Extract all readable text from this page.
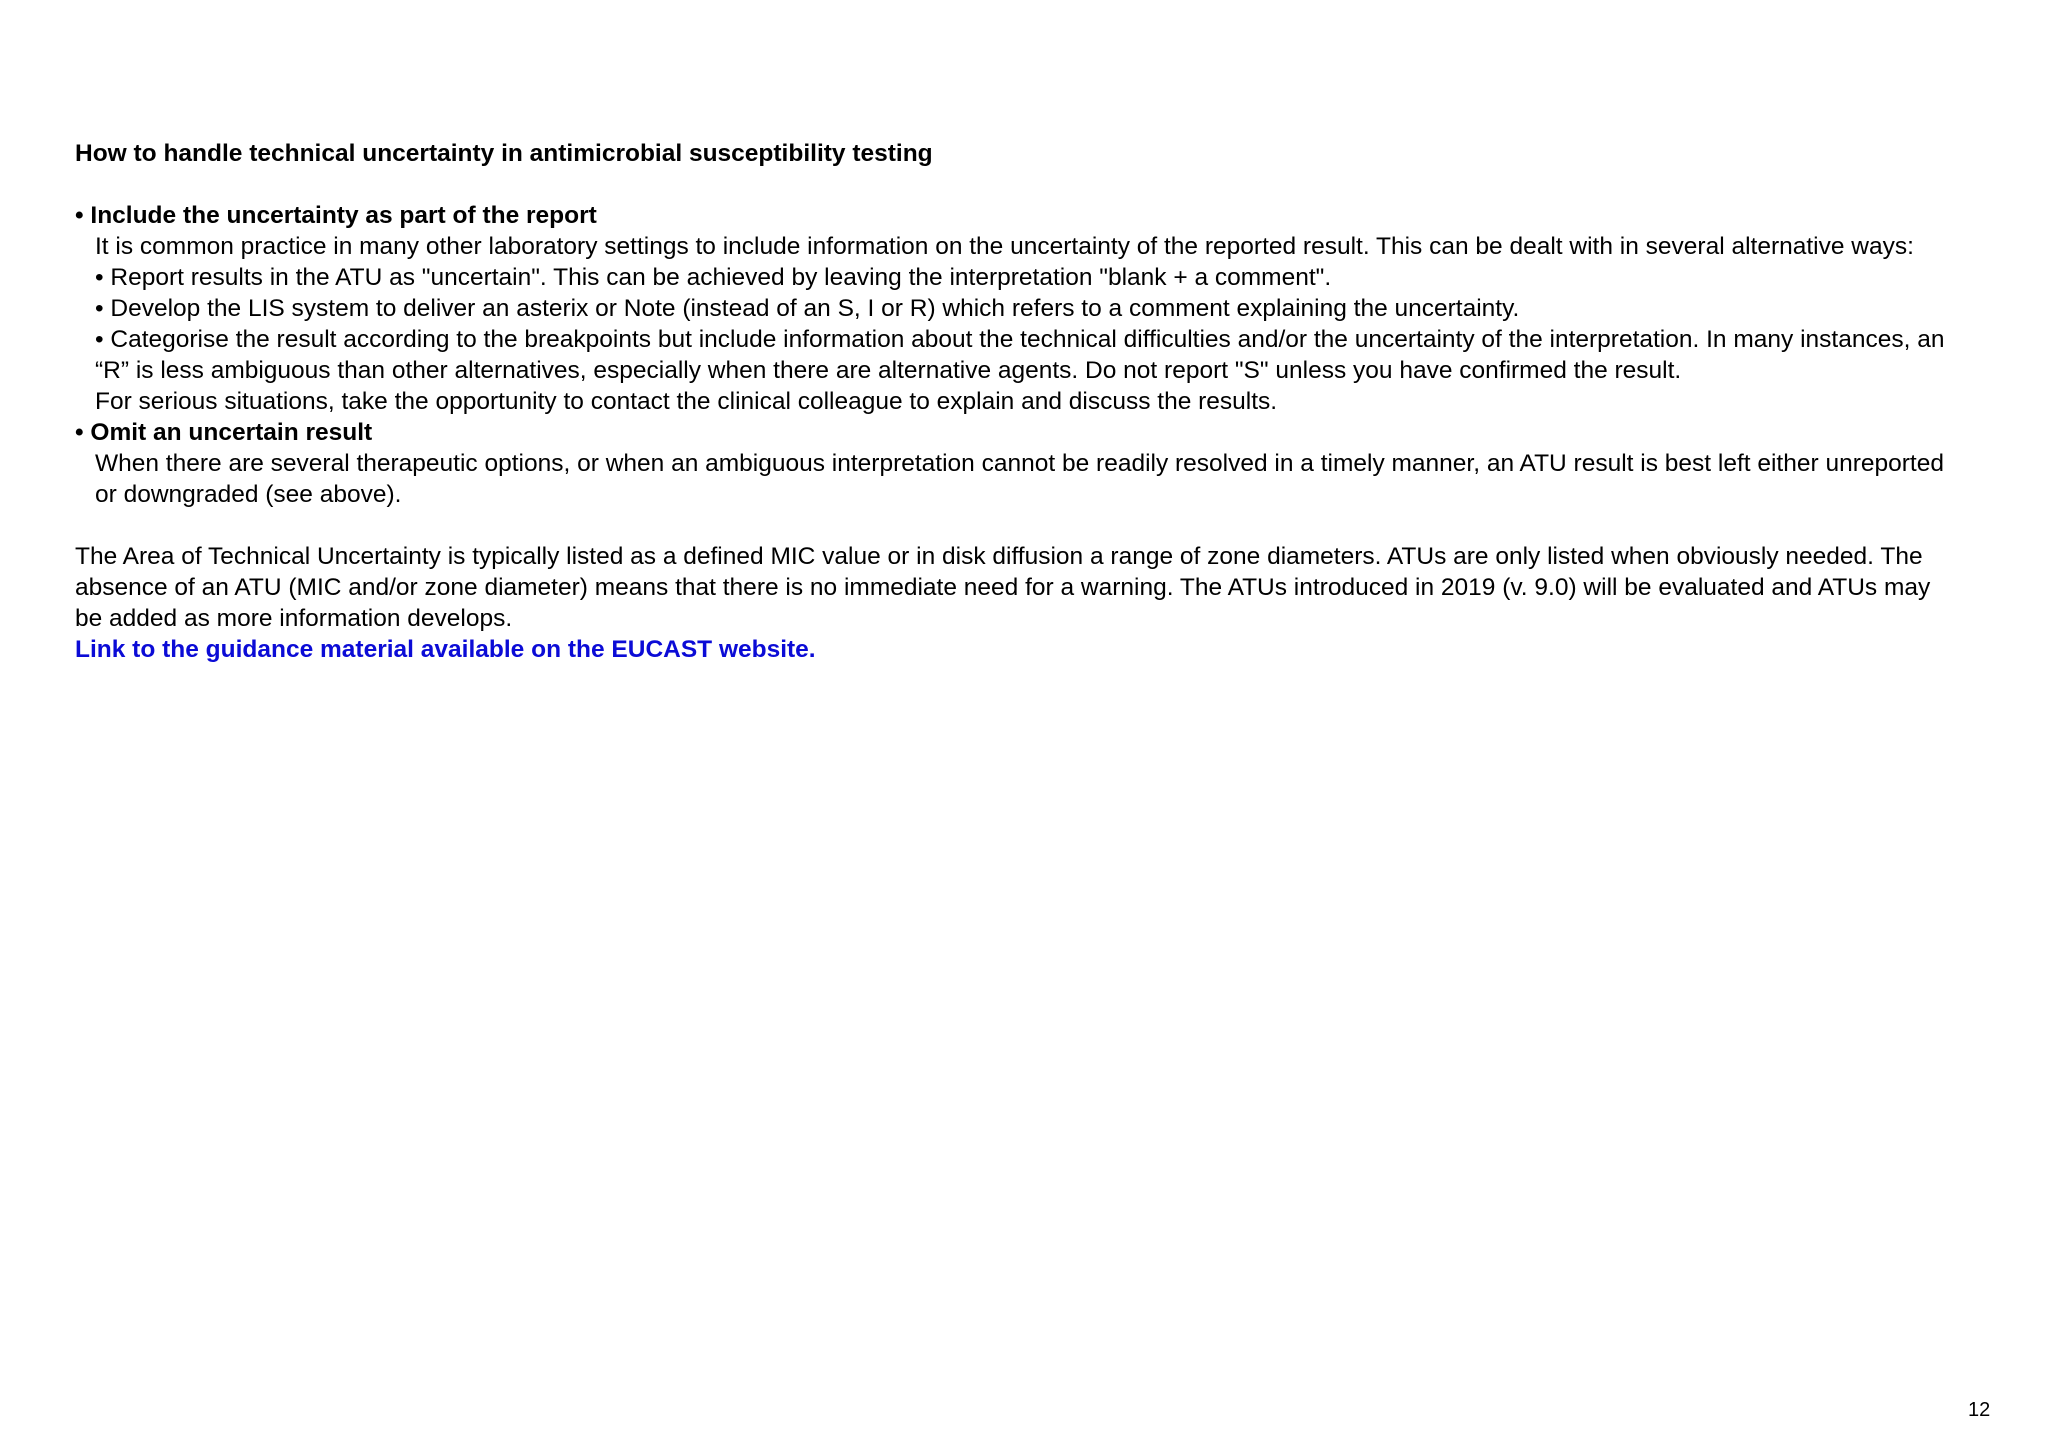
How to handle technical uncertainty in antimicrobial susceptibility testing

• Include the uncertainty as part of the report

It is common practice in many other laboratory settings to include information on the uncertainty of the reported result. This can be dealt with in several alternative ways:

• Report results in the ATU as "uncertain". This can be achieved by leaving the interpretation "blank + a comment".

• Develop the LIS system to deliver an asterix or Note (instead of an S, I or R) which refers to a comment explaining the uncertainty.

• Categorise the result according to the breakpoints but include information about the technical difficulties and/or the uncertainty of the interpretation. In many instances, an

“R” is less ambiguous than other alternatives, especially when there are alternative agents. Do not report "S" unless you have confirmed the result.

For serious situations, take the opportunity to contact the clinical colleague to explain and discuss the results.

• Omit an uncertain result

When there are several therapeutic options, or when an ambiguous interpretation cannot be readily resolved in a timely manner, an ATU result is best left either unreported

or downgraded (see above).

The Area of Technical Uncertainty is typically listed as a defined MIC value or in disk diffusion a range of zone diameters. ATUs are only listed when obviously needed. The

absence of an ATU (MIC and/or zone diameter) means that there is no immediate need for a warning. The ATUs introduced in 2019 (v. 9.0) will be evaluated and ATUs may

be added as more information develops.

Link to the guidance material available on the EUCAST website.
12
